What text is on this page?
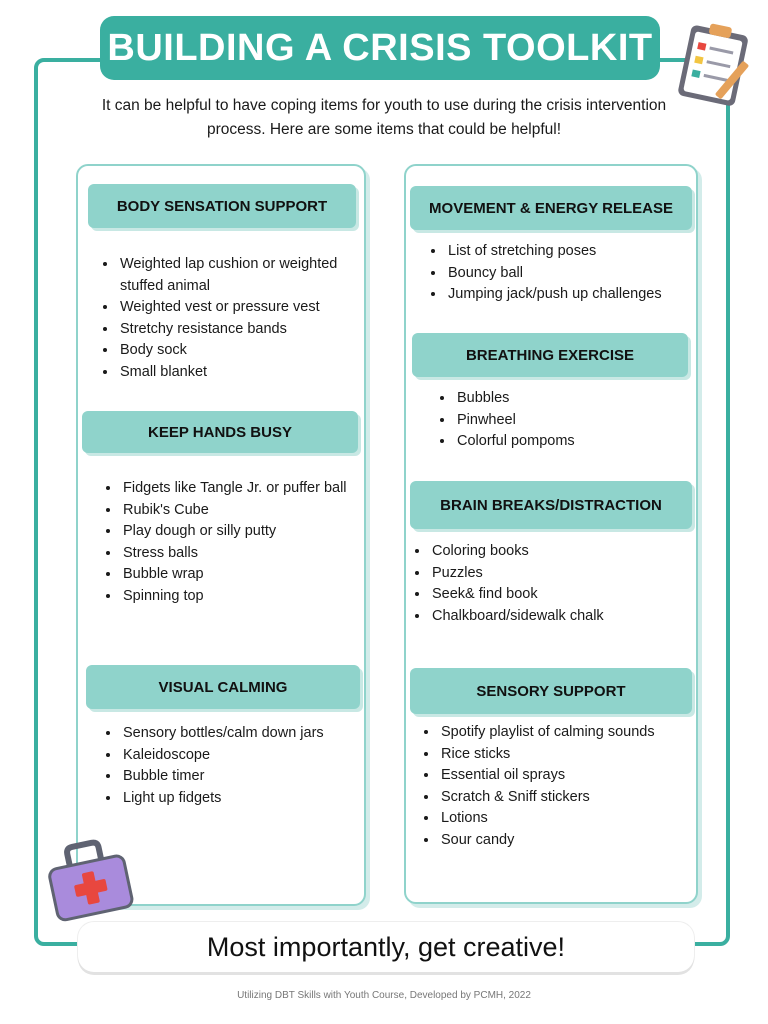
BUILDING A CRISIS TOOLKIT

It can be helpful to have coping items for youth to use during the crisis intervention process. Here are some items that could be helpful!

BODY SENSATION SUPPORT
• Weighted lap cushion or weighted stuffed animal
• Weighted vest or pressure vest
• Stretchy resistance bands
• Body sock
• Small blanket
KEEP HANDS BUSY
• Fidgets like Tangle Jr. or puffer ball
• Rubik's Cube
• Play dough or silly putty
• Stress balls
• Bubble wrap
• Spinning top
VISUAL CALMING
• Sensory bottles/calm down jars
• Kaleidoscope
• Bubble timer
• Light up fidgets
MOVEMENT & ENERGY RELEASE
• List of stretching poses
• Bouncy ball
• Jumping jack/push up challenges
BREATHING EXERCISE
• Bubbles
• Pinwheel
• Colorful pompoms
BRAIN BREAKS/DISTRACTION
• Coloring books
• Puzzles
• Seek& find book
• Chalkboard/sidewalk chalk
SENSORY SUPPORT
• Spotify playlist of calming sounds
• Rice sticks
• Essential oil sprays
• Scratch & Sniff stickers
• Lotions
• Sour candy
Most importantly, get creative!
Utilizing DBT Skills with Youth Course, Developed by PCMH, 2022
